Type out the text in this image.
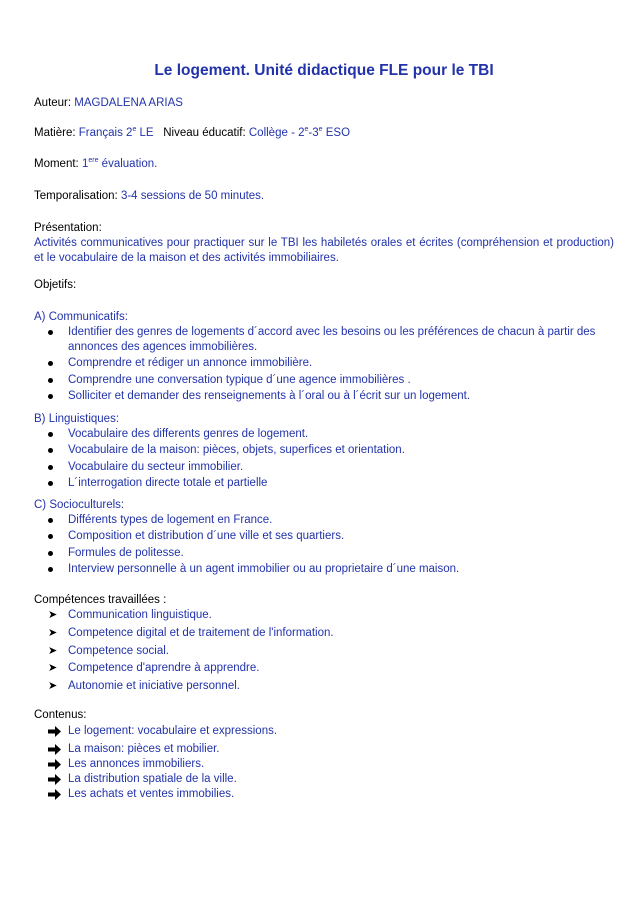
Le logement. Unité didactique FLE pour le TBI
Auteur: MAGDALENA ARIAS
Matière: Français 2e LE Niveau éducatif: Collège - 2e-3e ESO
Moment: 1ere évaluation.
Temporalisation: 3-4 sessions de 50 minutes.
Présentation:
Activités communicatives pour practiquer sur le TBI les habiletés orales et écrites (compréhension et production) et le vocabulaire de la maison et des activités immobiliaires.
Objetifs:
A) Communicatifs:
Identifier des genres de logements d´accord avec les besoins ou les préférences de chacun à partir des annonces des agences immobilières.
Comprendre et rédiger un annonce immobilière.
Comprendre une conversation typique d´une agence immobilières .
Solliciter et demander des renseignements à l´oral ou à l´écrit sur un logement.
B) Linguistiques:
Vocabulaire des differents genres de logement.
Vocabulaire de la maison: pièces, objets, superfices et orientation.
Vocabulaire du secteur immobilier.
L´interrogation directe totale et partielle
C) Socioculturels:
Différents types de logement en France.
Composition et distribution d´une ville et ses quartiers.
Formules de politesse.
Interview personnelle à un agent immobilier ou au proprietaire d´une maison.
Compétences travaillées :
➤ Communication linguistique.
➤ Competence digital et de traitement de l'information.
➤ Competence social.
➤ Competence d'aprendre à apprendre.
➤ Autonomie et iniciative personnel.
Contenus:
Le logement: vocabulaire et expressions.
La maison: pièces et mobilier.
Les annonces immobiliers.
La distribution spatiale de la ville.
Les achats et ventes immobilies.
